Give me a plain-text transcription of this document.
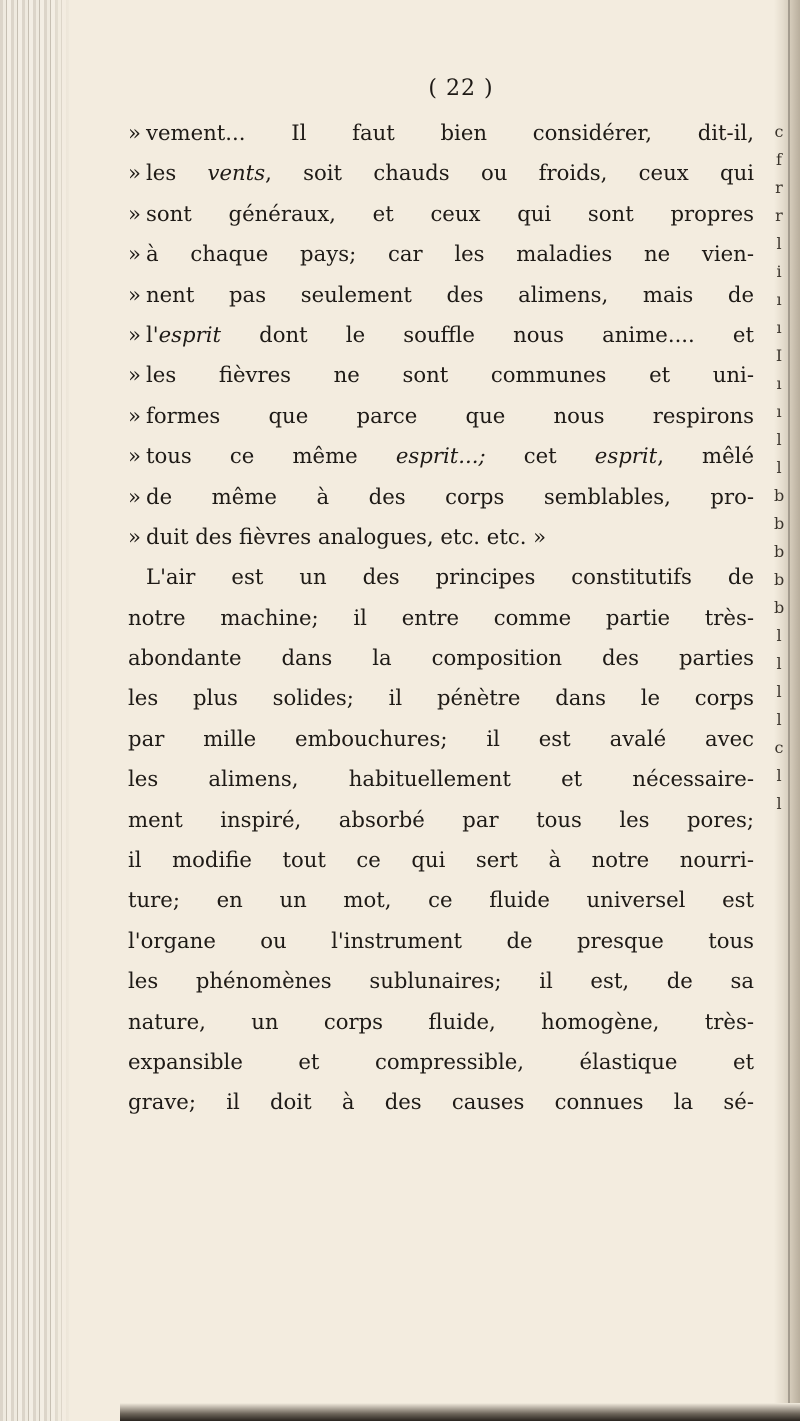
c
f
r
r
l
i
ı
ı
I
ı
ı
l
l
b
b
b
b
b
l
l
l
l
c
l
l
( 22 )
» vement... Il faut bien considérer, dit-il,
» les vents, soit chauds ou froids, ceux qui
» sont généraux, et ceux qui sont propres
» à chaque pays; car les maladies ne vien-
» nent pas seulement des alimens, mais de
» l'esprit dont le souffle nous anime.... et
» les fièvres ne sont communes et uni-
» formes que parce que nous respirons
» tous ce même esprit...; cet esprit, mêlé
» de même à des corps semblables, pro-
» duit des fièvres analogues, etc. etc. »
L'air est un des principes constitutifs de
notre machine; il entre comme partie très-
abondante dans la composition des parties
les plus solides; il pénètre dans le corps
par mille embouchures; il est avalé avec
les alimens, habituellement et nécessaire-
ment inspiré, absorbé par tous les pores;
il modifie tout ce qui sert à notre nourri-
ture; en un mot, ce fluide universel est
l'organe ou l'instrument de presque tous
les phénomènes sublunaires; il est, de sa
nature, un corps fluide, homogène, très-
expansible et compressible, élastique et
grave; il doit à des causes connues la sé-
